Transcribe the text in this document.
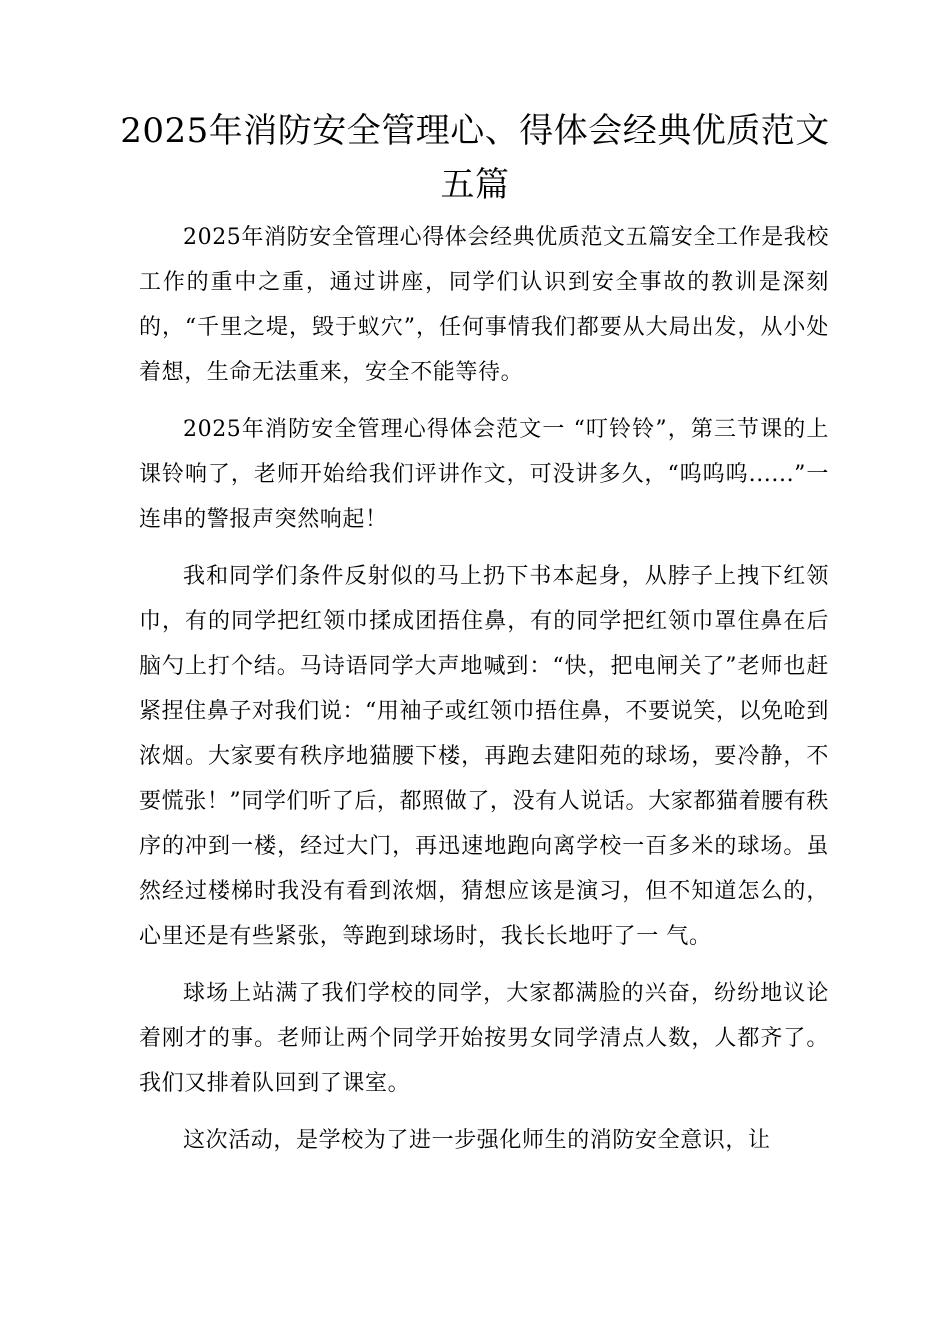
2025年消防安全管理心、得体会经典优质范文五篇

2025年消防安全管理心得体会经典优质范文五篇安全工作是我校工作的重中之重，通过讲座，同学们认识到安全事故的教训是深刻的，“千里之堤，毁于蚁穴”，任何事情我们都要从大局出发，从小处着想，生命无法重来，安全不能等待。

2025年消防安全管理心得体会范文一 “叮铃铃”，第三节课的上课铃响了，老师开始给我们评讲作文，可没讲多久，“呜呜呜......”一连串的警报声突然响起！

我和同学们条件反射似的马上扔下书本起身，从脖子上拽下红领巾，有的同学把红领巾揉成团捂住鼻，有的同学把红领巾罩住鼻在后脑勺上打个结。马诗语同学大声地喊到：“快，把电闸关了”老师也赶紧捏住鼻子对我们说：“用袖子或红领巾捂住鼻，不要说笑，以免呛到浓烟。大家要有秩序地猫腰下楼，再跑去建阳苑的球场，要冷静，不要慌张！”同学们听了后，都照做了，没有人说话。大家都猫着腰有秩序的冲到一楼，经过大门，再迅速地跑向离学校一百多米的球场。虽然经过楼梯时我没有看到浓烟，猜想应该是演习，但不知道怎么的，心里还是有些紧张，等跑到球场时，我长长地吁了一 气。

球场上站满了我们学校的同学，大家都满脸的兴奋，纷纷地议论着刚才的事。老师让两个同学开始按男女同学清点人数，人都齐了。我们又排着队回到了课室。

这次活动，是学校为了进一步强化师生的消防安全意识，让
